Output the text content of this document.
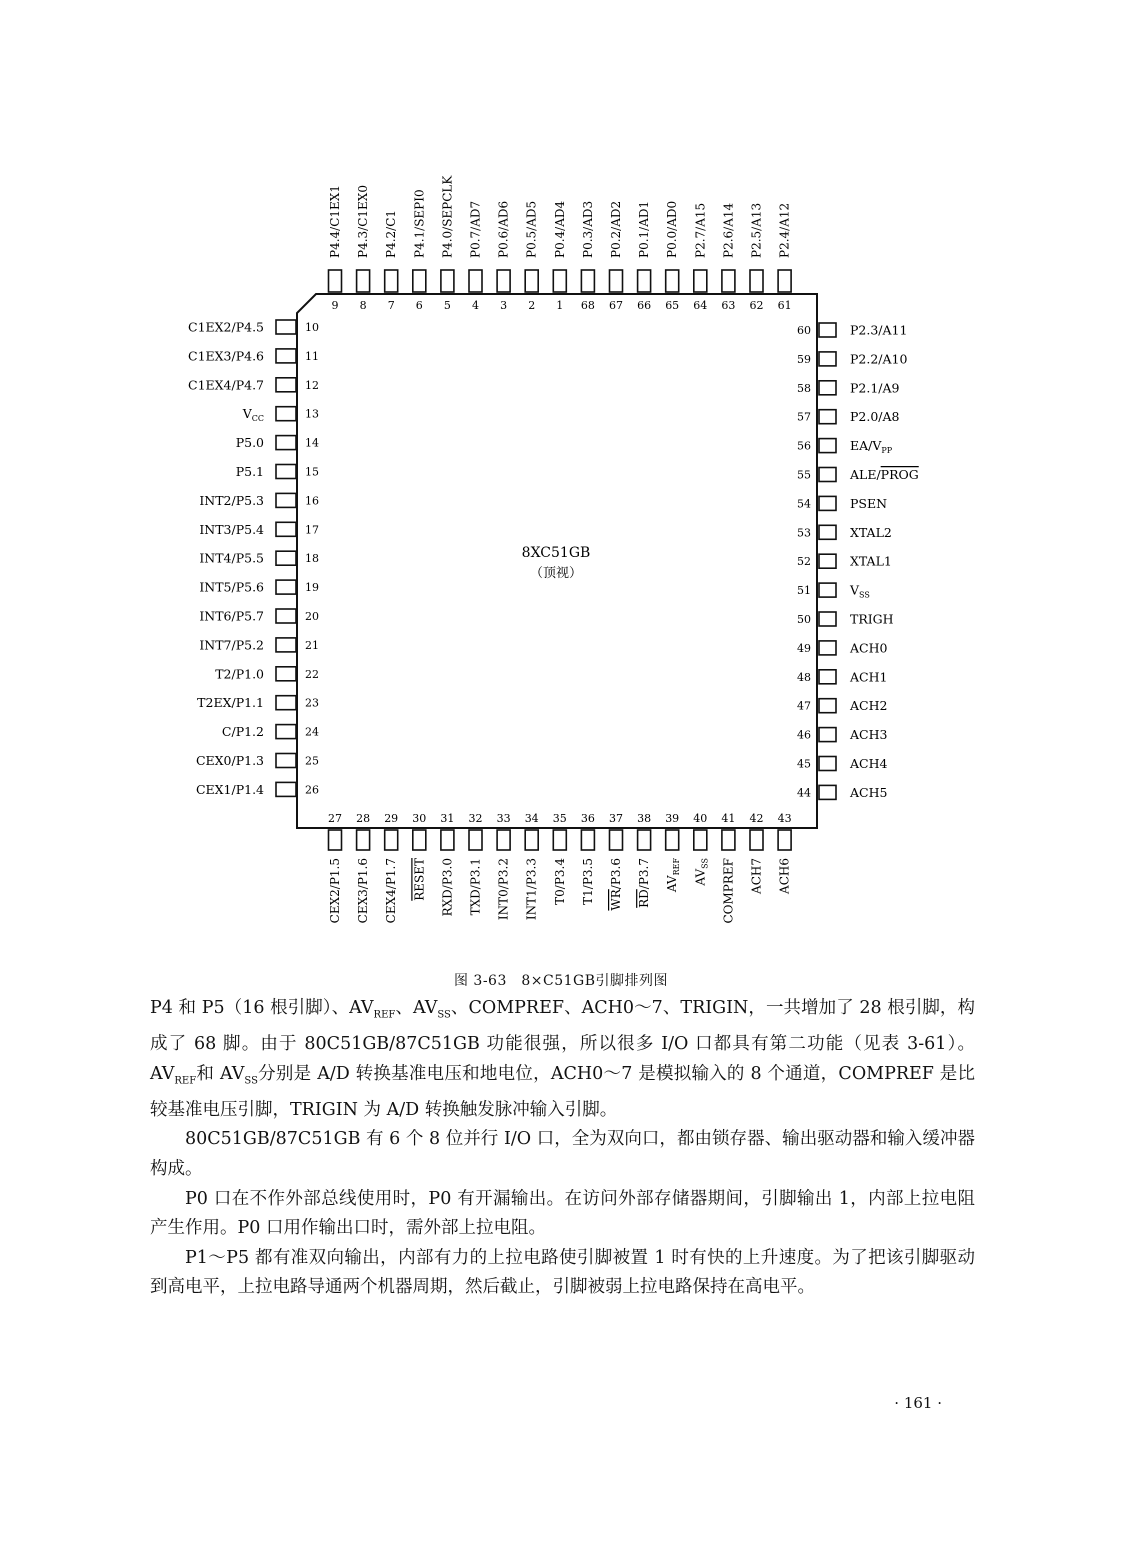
8XC51GB
（顶视）
9
P4.4/C1EX1
8
P4.3/C1EX0
7
P4.2/C1
6
P4.1/SEPI0
5
P4.0/SEPCLK
4
P0.7/AD7
3
P0.6/AD6
2
P0.5/AD5
1
P0.4/AD4
68
P0.3/AD3
67
P0.2/AD2
66
P0.1/AD1
65
P0.0/AD0
64
P2.7/A15
63
P2.6/A14
62
P2.5/A13
61
P2.4/A12
10
C1EX2/P4.5
11
C1EX3/P4.6
12
C1EX4/P4.7
13
$V_{CC}$
14
P5.0
15
P5.1
16
INT2/P5.3
17
INT3/P5.4
18
INT4/P5.5
19
INT5/P5.6
20
INT6/P5.7
21
INT7/P5.2
22
T2/P1.0
23
T2EX/P1.1
24
C/P1.2
25
CEX0/P1.3
26
CEX1/P1.4
60	P2.3/A11
59	P2.2/A10
58	P2.1/A9
57	P2.0/A8
56	$EA/V_{PP}$
55	ALE/PROG
54	PSEN
53	XTAL2
52	XTAL1
51	$V_{SS}$
50	TRIGH
49	ACH0
48	ACH1
47	ACH2
46	ACH3
45	ACH4
44	ACH5
27
CEX2/P1.5
28
CEX3/P1.6
29
CEX4/P1.7
30
RESET
31
RXD/P3.0
32
TXD/P3.1
33
INT0/P3.2
34
INT1/P3.3
35
T0/P3.4
36
T1/P3.5
37
WR/P3.6
38
RD/P3.7
39
$AV_{REF}$
40
$AV_{SS}$
41
COMPREF
42
ACH7
43
ACH6
图 3-63　8×C51GB引脚排列图

P4 和 P5（16 根引脚）、$AV_{REF}$、$AV_{SS}$、COMPREF、ACH0～7、TRIGIN，一共增加了 28 根引脚，构成了 68 脚。由于 80C51GB/87C51GB 功能很强，所以很多 I/O 口都具有第二功能（见表 3-61）。$AV_{REF}$和 $AV_{SS}$分别是 A/D 转换基准电压和地电位，ACH0～7 是模拟输入的 8 个通道，COMPREF 是比较基准电压引脚，TRIGIN 为 A/D 转换触发脉冲输入引脚。

80C51GB/87C51GB 有 6 个 8 位并行 I/O 口，全为双向口，都由锁存器、输出驱动器和输入缓冲器构成。

P0 口在不作外部总线使用时，P0 有开漏输出。在访问外部存储器期间，引脚输出 1，内部上拉电阻产生作用。P0 口用作输出口时，需外部上拉电阻。

P1～P5 都有准双向输出，内部有力的上拉电路使引脚被置 1 时有快的上升速度。为了把该引脚驱动到高电平，上拉电路导通两个机器周期，然后截止，引脚被弱上拉电路保持在高电平。

· 161 ·
